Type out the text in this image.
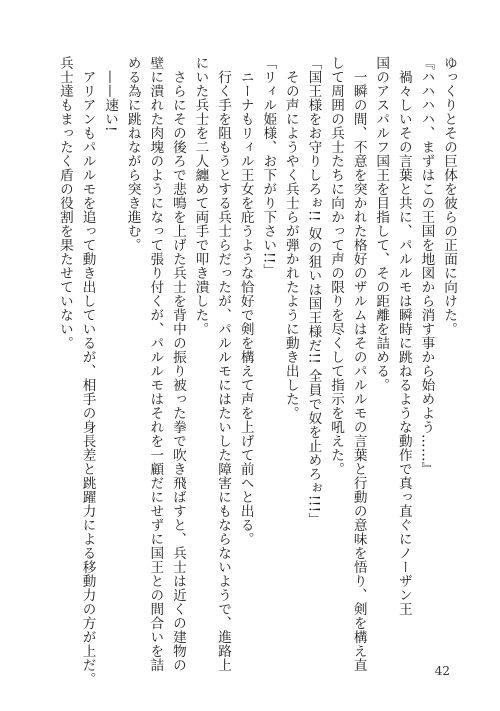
ゆっくりとその巨体を彼らの正面に向けた。
『ハハハハ、まずはこの王国を地図から消す事から始めよう……』
　禍々しいその言葉と共に、パルルモは瞬時に跳ねるような動作で真っ直ぐにノーザン王
国のアスパルフ国王を目指して、その距離を詰める。
　一瞬の間、不意を突かれた格好のザルムはそのパルルモの言葉と行動の意味を悟り、剣を構え直
して周囲の兵士たちに向かって声の限りを尽くして指示を吼えた。
「国王様をお守りしろぉ!! 奴の狙いは国王様だ!! 全員で奴を止めろぉ!!!」
　その声にようやく兵士らが弾かれたように動き出した。
「リィル姫様、お下がり下さい!!」
　ニーナもリィル王女を庇うような恰好で剣を構えて声を上げて前へと出る。
　行く手を阻もうとする兵士らだったが、パルルモにはたいした障害にもならないようで、進路上
にいた兵士を二人纏めて両手で叩き潰した。
　さらにその後ろで悲鳴を上げた兵士を背中の振り被った拳で吹き飛ばすと、兵士は近くの建物の
壁に潰れた肉塊のようになって張り付くが、パルルモはそれを一顧だにせずに国王との間合いを詰
める為に跳ねながら突き進む。
　——速い!
　アリアンもパルルモを追って動き出しているが、相手の身長差と跳躍力による移動力の方が上だ。
兵士達もまったく盾の役割を果たせていない。
42
